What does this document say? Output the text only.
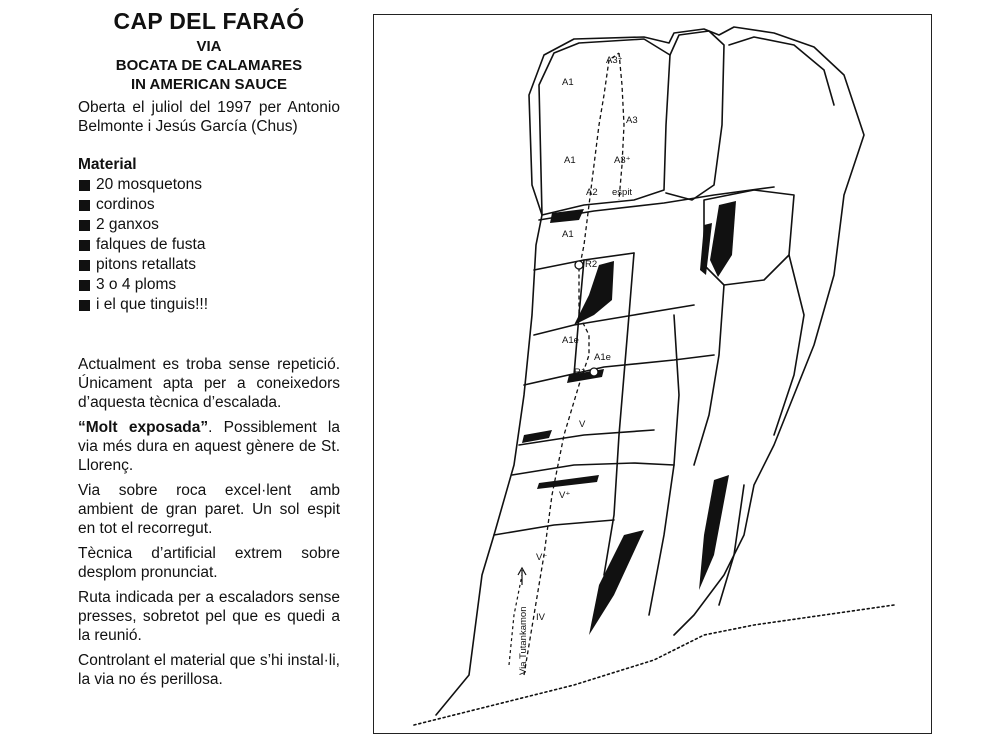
CAP DEL FARAÓ
VIA
BOCATA DE CALAMARES
IN AMERICAN SAUCE

Oberta el juliol del 1997 per Antonio Belmonte i Jesús García (Chus)

Material
20 mosquetons
cordinos
2 ganxos
falques de fusta
pitons retallats
3 o 4 ploms
i el que tinguis!!!

Actualment es troba sense repetició. Únicament apta per a coneixedors d’aquesta tècnica d’escalada.

“Molt exposada”. Possiblement la via més dura en aquest gènere de St. Llorenç.

Via sobre roca excel·lent amb ambient de gran paret. Un sol espit en tot el recorregut.

Tècnica d’artificial extrem sobre desplom pronunciat.

Ruta indicada per a escaladors sense presses, sobretot pel que es quedi a la reunió.

Controlant el material que s’hi instal·li, la via no és perillosa.

A1
A1
A3⁺
A3
A3⁺
A2 espit
A1
R2
A1e
A1e
R1
V
V⁺
V⁻
IV
Via Tutankamon
